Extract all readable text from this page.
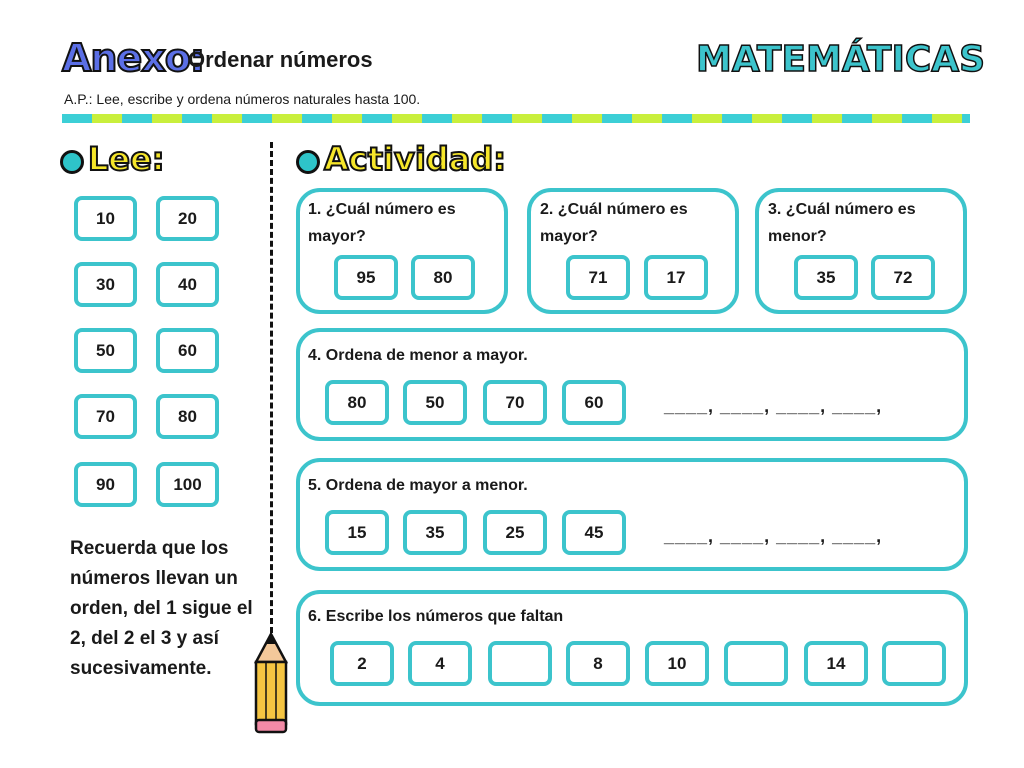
Anexo:
Ordenar números	MATEMÁTICAS
A.P.: Lee, escribe y ordena números naturales hasta 100.
Lee:
10	20
30	40
50	60
70	80
90	100
Recuerda que los números llevan un orden, del 1 sigue el 2, del 2 el 3 y así sucesivamente.
Actividad:
1. ¿Cuál número es mayor?
95	80
2. ¿Cuál número es mayor?
71	17
3. ¿Cuál número es menor?
35	72
4. Ordena de menor a mayor.
80	50	70	60	____, ____, ____, ____,
5. Ordena de mayor a menor.
15	35	25	45	____, ____, ____, ____,
6. Escribe los números que faltan
2	4	8	10	14
